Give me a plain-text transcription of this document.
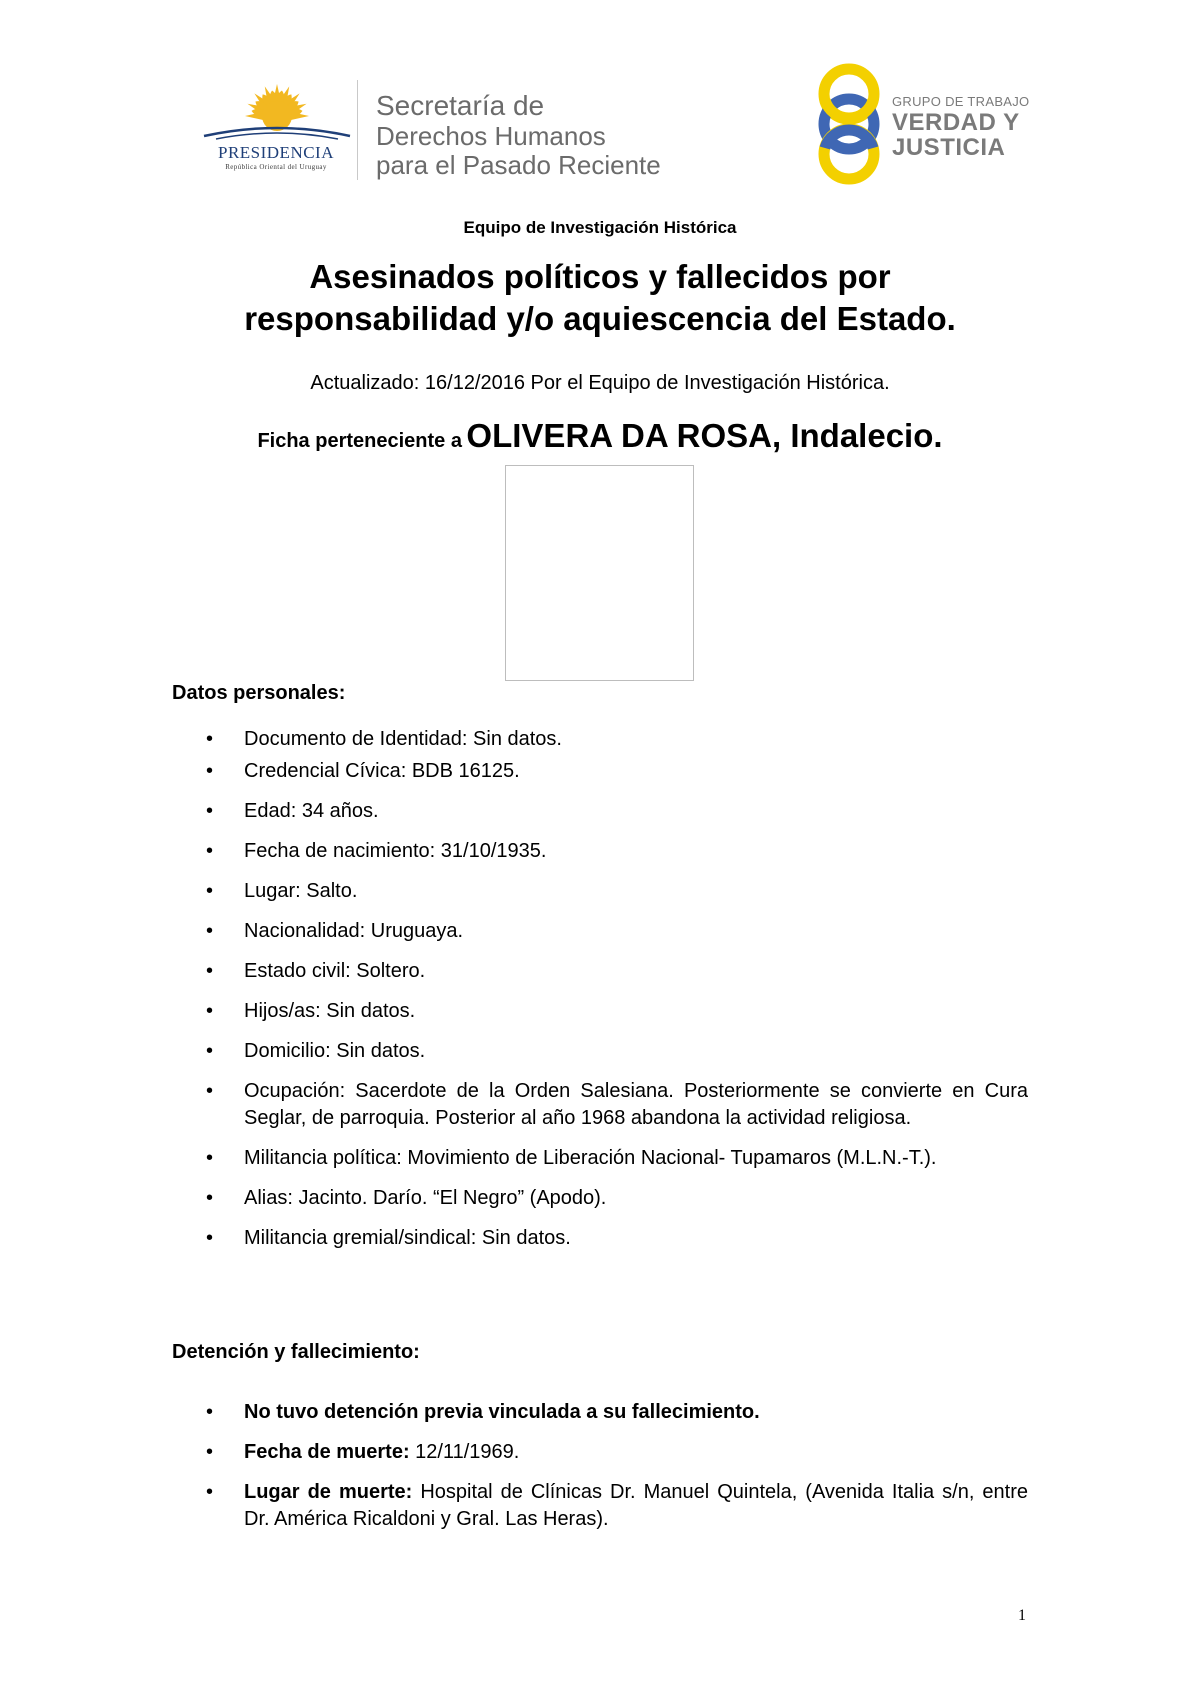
PRESIDENCIA
República Oriental del Uruguay
Secretaría de
Derechos Humanos
para el Pasado Reciente
GRUPO DE TRABAJO
VERDAD Y
JUSTICIA
Equipo de Investigación Histórica
Asesinados políticos y fallecidos por
responsabilidad y/o aquiescencia del Estado.
Actualizado: 16/12/2016 Por el Equipo de Investigación Histórica.
Ficha perteneciente a OLIVERA DA ROSA, Indalecio.
Datos personales:
• Documento de Identidad: Sin datos.
• Credencial Cívica: BDB 16125.
• Edad: 34 años.
• Fecha de nacimiento: 31/10/1935.
• Lugar: Salto.
• Nacionalidad: Uruguaya.
• Estado civil: Soltero.
• Hijos/as: Sin datos.
• Domicilio: Sin datos.
• Ocupación: Sacerdote de la Orden Salesiana. Posteriormente se convierte en Cura Seglar, de parroquia. Posterior al año 1968 abandona la actividad religiosa.
• Militancia política: Movimiento de Liberación Nacional- Tupamaros (M.L.N.-T.).
• Alias: Jacinto. Darío. “El Negro” (Apodo).
• Militancia gremial/sindical: Sin datos.
Detención y fallecimiento:
• No tuvo detención previa vinculada a su fallecimiento.
• Fecha de muerte: 12/11/1969.
• Lugar de muerte: Hospital de Clínicas Dr. Manuel Quintela, (Avenida Italia s/n, entre Dr. América Ricaldoni y Gral. Las Heras).
1
